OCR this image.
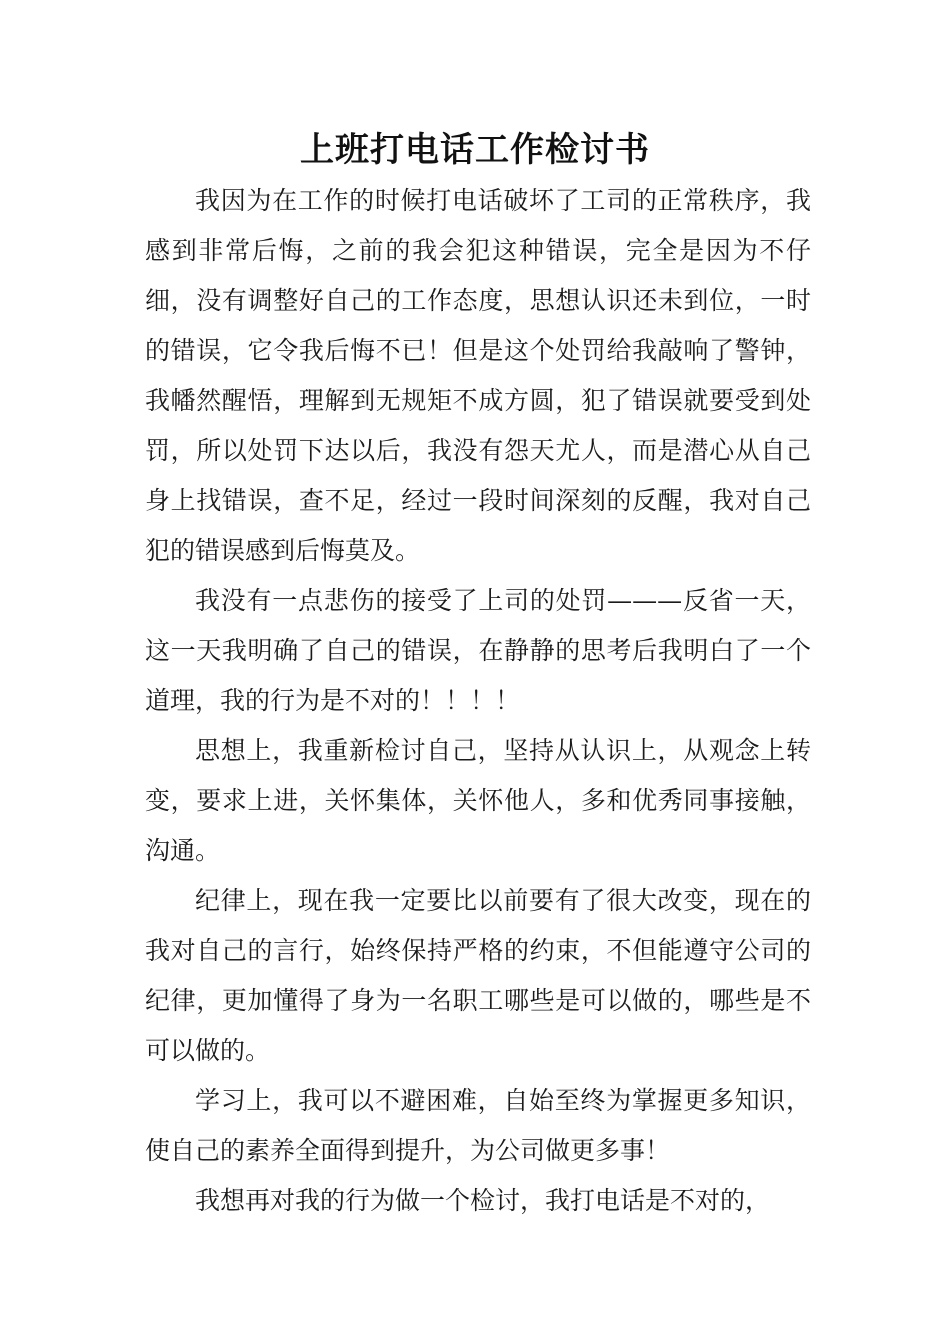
上班打电话工作检讨书

我因为在工作的时候打电话破坏了工司的正常秩序，我感到非常后悔，之前的我会犯这种错误，完全是因为不仔细，没有调整好自己的工作态度，思想认识还未到位，一时的错误，它令我后悔不已！但是这个处罚给我敲响了警钟，我幡然醒悟，理解到无规矩不成方圆，犯了错误就要受到处罚，所以处罚下达以后，我没有怨天尤人，而是潜心从自己身上找错误，查不足，经过一段时间深刻的反醒，我对自己犯的错误感到后悔莫及。

我没有一点悲伤的接受了上司的处罚———反省一天，这一天我明确了自己的错误，在静静的思考后我明白了一个道理，我的行为是不对的！！！！

思想上，我重新检讨自己，坚持从认识上，从观念上转变，要求上进，关怀集体，关怀他人，多和优秀同事接触，沟通。

纪律上，现在我一定要比以前要有了很大改变，现在的我对自己的言行，始终保持严格的约束，不但能遵守公司的纪律，更加懂得了身为一名职工哪些是可以做的，哪些是不可以做的。

学习上，我可以不避困难，自始至终为掌握更多知识，使自己的素养全面得到提升，为公司做更多事！

我想再对我的行为做一个检讨，我打电话是不对的，
